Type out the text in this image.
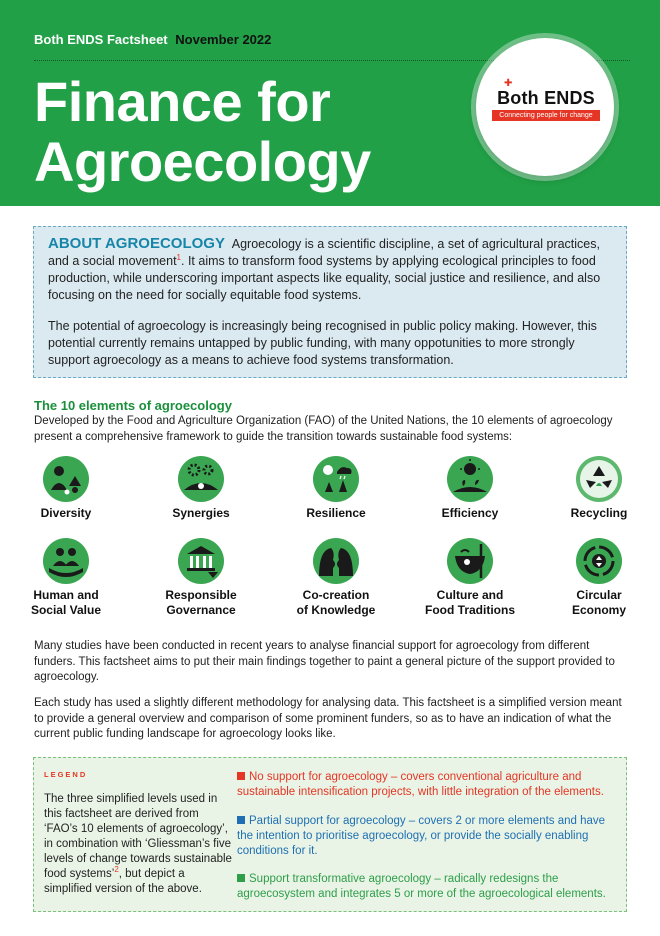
Both ENDS Factsheet November 2022
Finance for
Agroecology
✚
Both ENDS
Connecting people for change

ABOUT AGROECOLOGY Agroecology is a scientific discipline, a set of agricultural practices, and a social movement$^1$. It aims to transform food systems by applying ecological principles to food production, while underscoring important aspects like equality, social justice and resilience, and also focusing on the need for socially equitable food systems.

The potential of agroecology is increasingly being recognised in public policy making. However, this potential currently remains untapped by public funding, with many oppotunities to more strongly support agroecology as a means to achieve food systems transformation.

The 10 elements of agroecology

Developed by the Food and Agriculture Organization (FAO) of the United Nations, the 10 elements of agroecology present a comprehensive framework to guide the transition towards sustainable food systems:

Diversity	Synergies	Resilience	Efficiency	Recycling
Human and
Social Value
Responsible
Governance
Co-creation
of Knowledge
Culture and
Food Traditions
Circular
Economy

Many studies have been conducted in recent years to analyse financial support for agroecology from different funders. This factsheet aims to put their main findings together to paint a general picture of the support provided to agroecology.

Each study has used a slightly different methodology for analysing data. This factsheet is a simplified version meant to provide a general overview and comparison of some prominent funders, so as to have an indication of what the current public funding landscape for agroecology looks like.

LEGEND

The three simplified levels used in this factsheet are derived from ‘FAO’s 10 elements of agroecology’, in combination with ‘Gliessman’s five levels of change towards sustainable food systems’$^2$, but depict a simplified version of the above.

No support for agroecology – covers conventional agriculture and sustainable intensification projects, with little integration of the elements.

Partial support for agroecology – covers 2 or more elements and have the intention to prioritise agroecology, or provide the socially enabling conditions for it.

Support transformative agroecology – radically redesigns the agroecosystem and integrates 5 or more of the agroecological elements.
